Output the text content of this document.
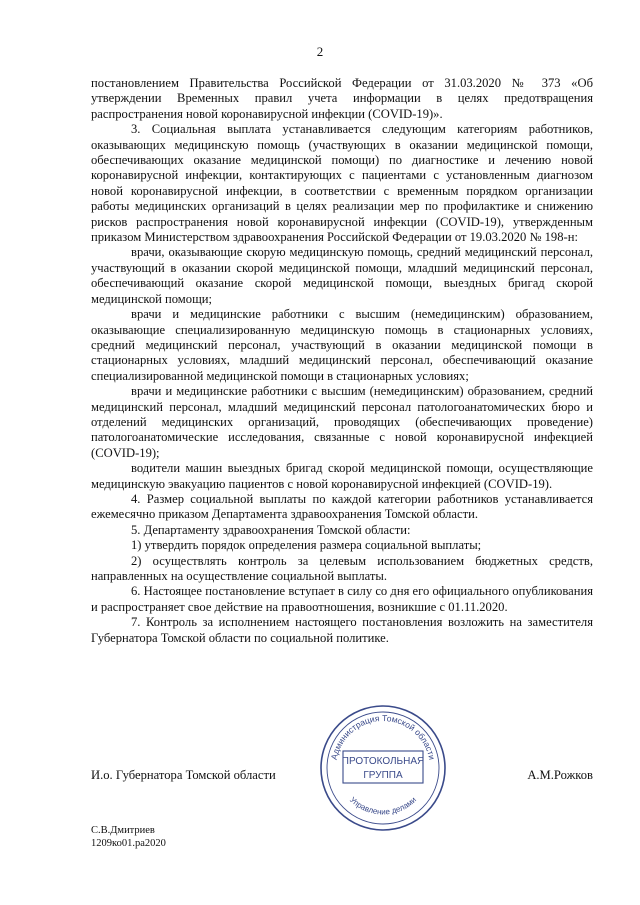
2

постановлением Правительства Российской Федерации от 31.03.2020 № 373 «Об утверждении Временных правил учета информации в целях предотвращения распространения новой коронавирусной инфекции (COVID-19)».

3. Социальная выплата устанавливается следующим категориям работников, оказывающих медицинскую помощь (участвующих в оказании медицинской помощи, обеспечивающих оказание медицинской помощи) по диагностике и лечению новой коронавирусной инфекции, контактирующих с пациентами с установленным диагнозом новой коронавирусной инфекции, в соответствии с временным порядком организации работы медицинских организаций в целях реализации мер по профилактике и снижению рисков распространения новой коронавирусной инфекции (COVID-19), утвержденным приказом Министерством здравоохранения Российской Федерации от 19.03.2020 № 198-н:

врачи, оказывающие скорую медицинскую помощь, средний медицинский персонал, участвующий в оказании скорой медицинской помощи, младший медицинский персонал, обеспечивающий оказание скорой медицинской помощи, выездных бригад скорой медицинской помощи;

врачи и медицинские работники с высшим (немедицинским) образованием, оказывающие специализированную медицинскую помощь в стационарных условиях, средний медицинский персонал, участвующий в оказании медицинской помощи в стационарных условиях, младший медицинский персонал, обеспечивающий оказание специализированной медицинской помощи в стационарных условиях;

врачи и медицинские работники с высшим (немедицинским) образованием, средний медицинский персонал, младший медицинский персонал патологоанатомических бюро и отделений медицинских организаций, проводящих (обеспечивающих проведение) патологоанатомические исследования, связанные с новой коронавирусной инфекцией (COVID-19);

водители машин выездных бригад скорой медицинской помощи, осуществляющие медицинскую эвакуацию пациентов с новой коронавирусной инфекцией (COVID-19).

4. Размер социальной выплаты по каждой категории работников устанавливается ежемесячно приказом Департамента здравоохранения Томской области.

5. Департаменту здравоохранения Томской области:

1) утвердить порядок определения размера социальной выплаты;

2) осуществлять контроль за целевым использованием бюджетных средств, направленных на осуществление социальной выплаты.

6. Настоящее постановление вступает в силу со дня его официального опубликования и распространяет свое действие на правоотношения, возникшие с 01.11.2020.

7. Контроль за исполнением настоящего постановления возложить на заместителя Губернатора Томской области по социальной политике.

И.о. Губернатора Томской области	А.М.Рожков
Администрация Томской области
Управление делами
ПРОТОКОЛЬНАЯ
ГРУППА
С.В.Дмитриев
1209ко01.ра2020
